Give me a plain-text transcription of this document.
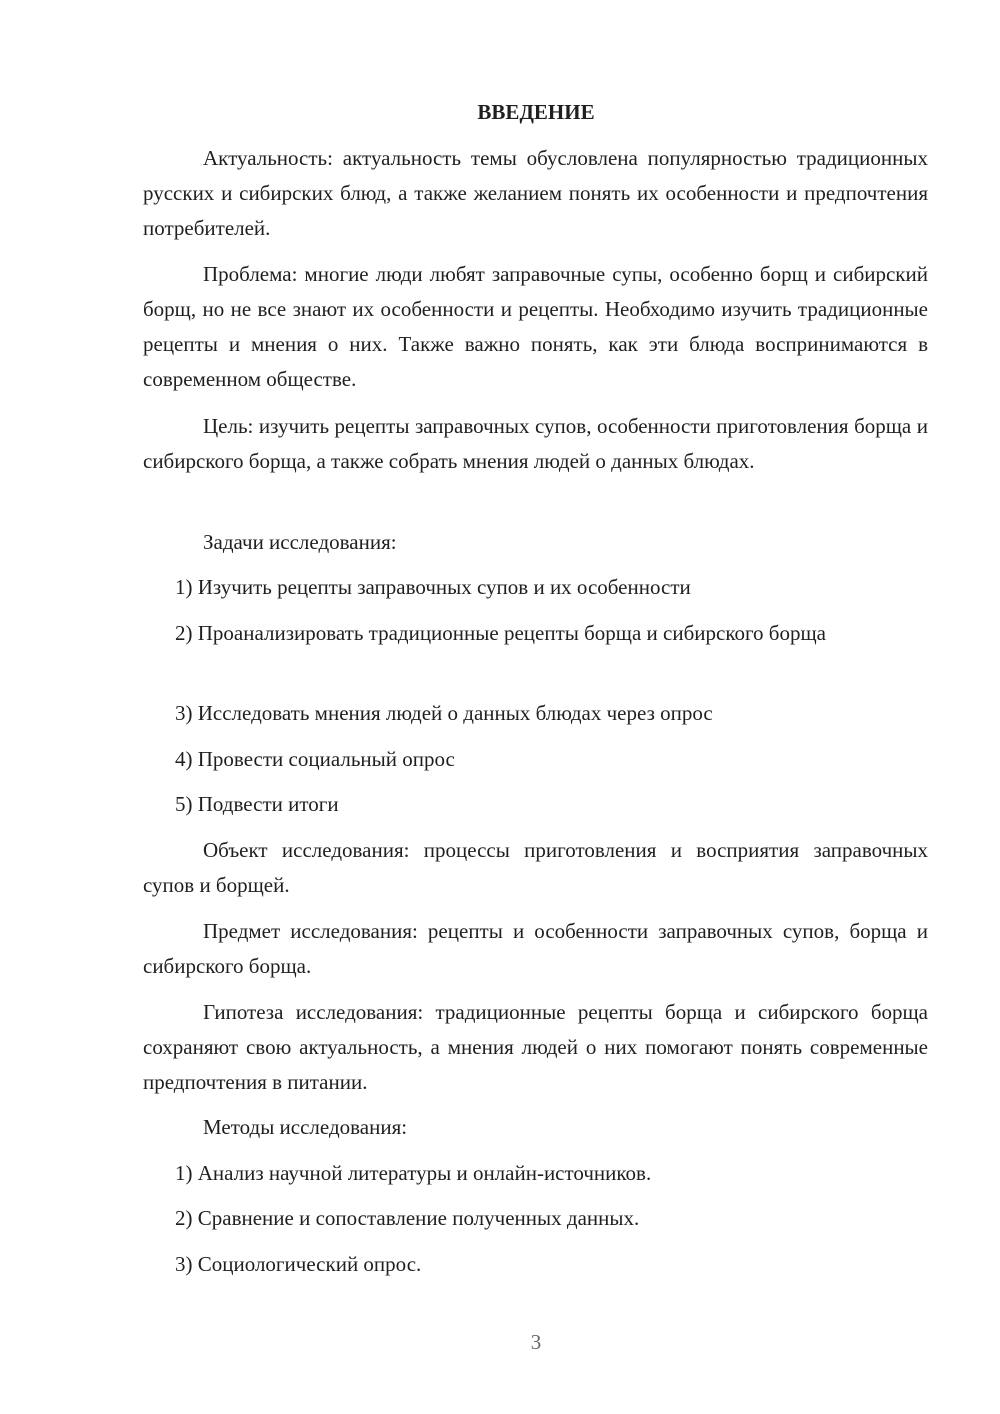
ВВЕДЕНИЕ

Актуальность: актуальность темы обусловлена популярностью традиционных русских и сибирских блюд, а также желанием понять их особенности и предпочтения потребителей.

Проблема: многие люди любят заправочные супы, особенно борщ и сибирский борщ, но не все знают их особенности и рецепты. Необходимо изучить традиционные рецепты и мнения о них. Также важно понять, как эти блюда воспринимаются в современном обществе.

Цель: изучить рецепты заправочных супов, особенности приготовления борща и сибирского борща, а также собрать мнения людей о данных блюдах.

Задачи исследования:

1) Изучить рецепты заправочных супов и их особенности

2) Проанализировать традиционные рецепты борща и сибирского борща

3) Исследовать мнения людей о данных блюдах через опрос

4) Провести социальный опрос

5) Подвести итоги

Объект исследования: процессы приготовления и восприятия заправочных супов и борщей.

Предмет исследования: рецепты и особенности заправочных супов, борща и сибирского борща.

Гипотеза исследования: традиционные рецепты борща и сибирского борща сохраняют свою актуальность, а мнения людей о них помогают понять современные предпочтения в питании.

Методы исследования:

1) Анализ научной литературы и онлайн-источников.

2) Сравнение и сопоставление полученных данных.

3) Социологический опрос.

3
